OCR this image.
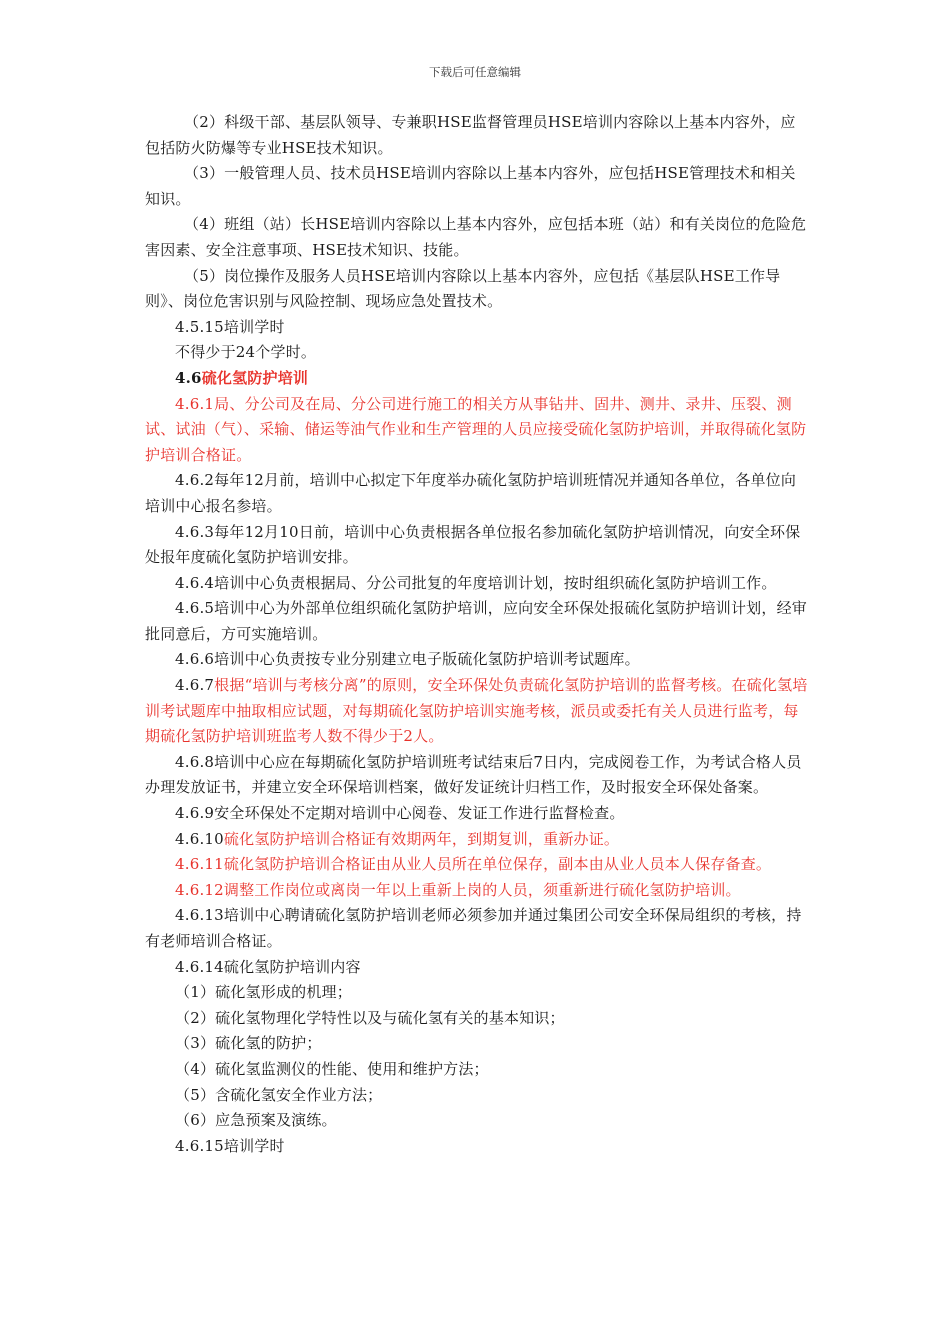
下载后可任意编辑

（2）科级干部、基层队领导、专兼职HSE监督管理员HSE培训内容除以上基本内容外，应包括防火防爆等专业HSE技术知识。

（3）一般管理人员、技术员HSE培训内容除以上基本内容外，应包括HSE管理技术和相关知识。

（4）班组（站）长HSE培训内容除以上基本内容外，应包括本班（站）和有关岗位的危险危害因素、安全注意事项、HSE技术知识、技能。

（5）岗位操作及服务人员HSE培训内容除以上基本内容外，应包括《基层队HSE工作导则》、岗位危害识别与风险控制、现场应急处置技术。

4.5.15培训学时

不得少于24个学时。

4.6硫化氢防护培训

4.6.1局、分公司及在局、分公司进行施工的相关方从事钻井、固井、测井、录井、压裂、测试、试油（气）、采输、储运等油气作业和生产管理的人员应接受硫化氢防护培训，并取得硫化氢防护培训合格证。

4.6.2每年12月前，培训中心拟定下年度举办硫化氢防护培训班情况并通知各单位，各单位向培训中心报名参培。

4.6.3每年12月10日前，培训中心负责根据各单位报名参加硫化氢防护培训情况，向安全环保处报年度硫化氢防护培训安排。

4.6.4培训中心负责根据局、分公司批复的年度培训计划，按时组织硫化氢防护培训工作。

4.6.5培训中心为外部单位组织硫化氢防护培训，应向安全环保处报硫化氢防护培训计划，经审批同意后，方可实施培训。

4.6.6培训中心负责按专业分别建立电子版硫化氢防护培训考试题库。

4.6.7根据“培训与考核分离”的原则，安全环保处负责硫化氢防护培训的监督考核。在硫化氢培训考试题库中抽取相应试题，对每期硫化氢防护培训实施考核，派员或委托有关人员进行监考，每期硫化氢防护培训班监考人数不得少于2人。

4.6.8培训中心应在每期硫化氢防护培训班考试结束后7日内，完成阅卷工作，为考试合格人员办理发放证书，并建立安全环保培训档案，做好发证统计归档工作，及时报安全环保处备案。

4.6.9安全环保处不定期对培训中心阅卷、发证工作进行监督检查。

4.6.10硫化氢防护培训合格证有效期两年，到期复训，重新办证。

4.6.11硫化氢防护培训合格证由从业人员所在单位保存，副本由从业人员本人保存备查。

4.6.12调整工作岗位或离岗一年以上重新上岗的人员，须重新进行硫化氢防护培训。

4.6.13培训中心聘请硫化氢防护培训老师必须参加并通过集团公司安全环保局组织的考核，持有老师培训合格证。

4.6.14硫化氢防护培训内容

（1）硫化氢形成的机理；

（2）硫化氢物理化学特性以及与硫化氢有关的基本知识；

（3）硫化氢的防护；

（4）硫化氢监测仪的性能、使用和维护方法；

（5）含硫化氢安全作业方法；

（6）应急预案及演练。

4.6.15培训学时
